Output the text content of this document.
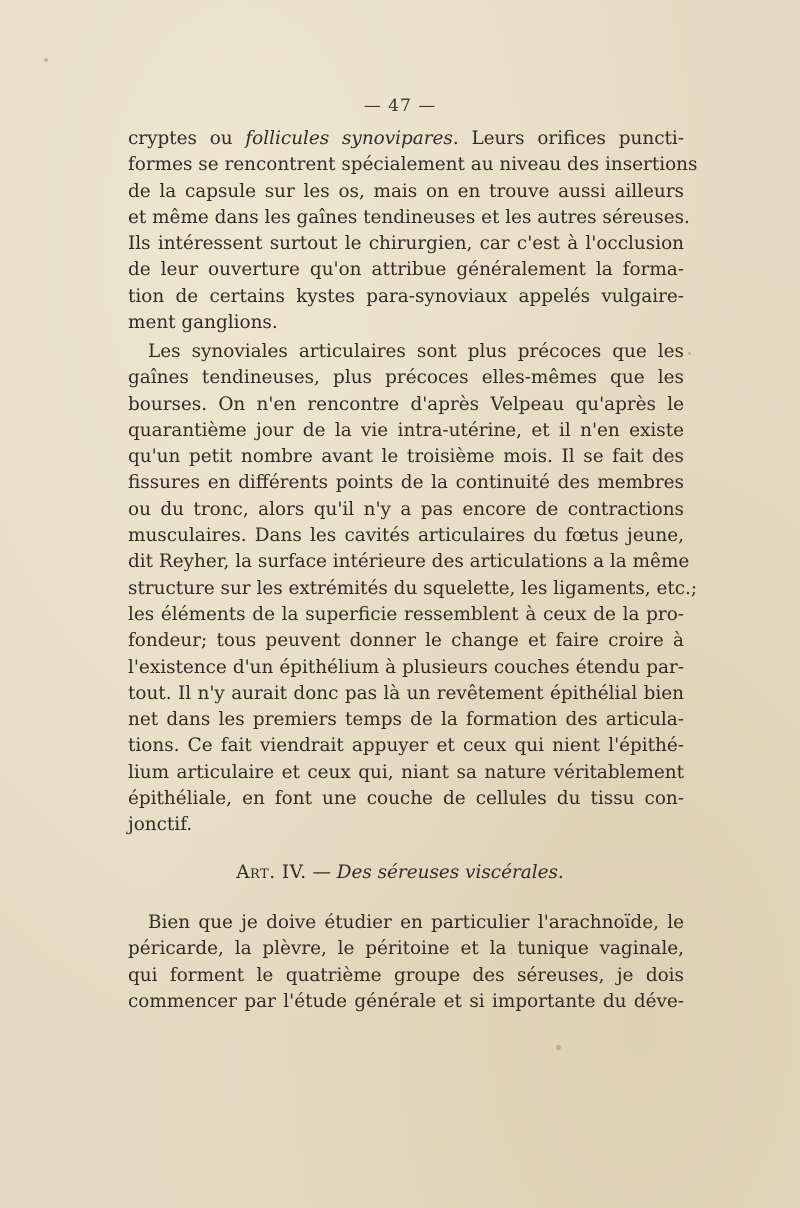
— 47 —
cryptes ou follicules synovipares. Leurs orifices puncti-
formes se rencontrent spécialement au niveau des insertions
de la capsule sur les os, mais on en trouve aussi ailleurs
et même dans les gaînes tendineuses et les autres séreuses.
Ils intéressent surtout le chirurgien, car c'est à l'occlusion
de leur ouverture qu'on attribue généralement la forma-
tion de certains kystes para-synoviaux appelés vulgaire-
ment ganglions.
Les synoviales articulaires sont plus précoces que les
gaînes tendineuses, plus précoces elles-mêmes que les
bourses. On n'en rencontre d'après Velpeau qu'après le
quarantième jour de la vie intra-utérine, et il n'en existe
qu'un petit nombre avant le troisième mois. Il se fait des
fissures en différents points de la continuité des membres
ou du tronc, alors qu'il n'y a pas encore de contractions
musculaires. Dans les cavités articulaires du fœtus jeune,
dit Reyher, la surface intérieure des articulations a la même
structure sur les extrémités du squelette, les ligaments, etc.;
les éléments de la superficie ressemblent à ceux de la pro-
fondeur; tous peuvent donner le change et faire croire à
l'existence d'un épithélium à plusieurs couches étendu par-
tout. Il n'y aurait donc pas là un revêtement épithélial bien
net dans les premiers temps de la formation des articula-
tions. Ce fait viendrait appuyer et ceux qui nient l'épithé-
lium articulaire et ceux qui, niant sa nature véritablement
épithéliale, en font une couche de cellules du tissu con-
jonctif.
Art. IV. — Des séreuses viscérales.
Bien que je doive étudier en particulier l'arachnoïde, le
péricarde, la plèvre, le péritoine et la tunique vaginale,
qui forment le quatrième groupe des séreuses, je dois
commencer par l'étude générale et si importante du déve-
